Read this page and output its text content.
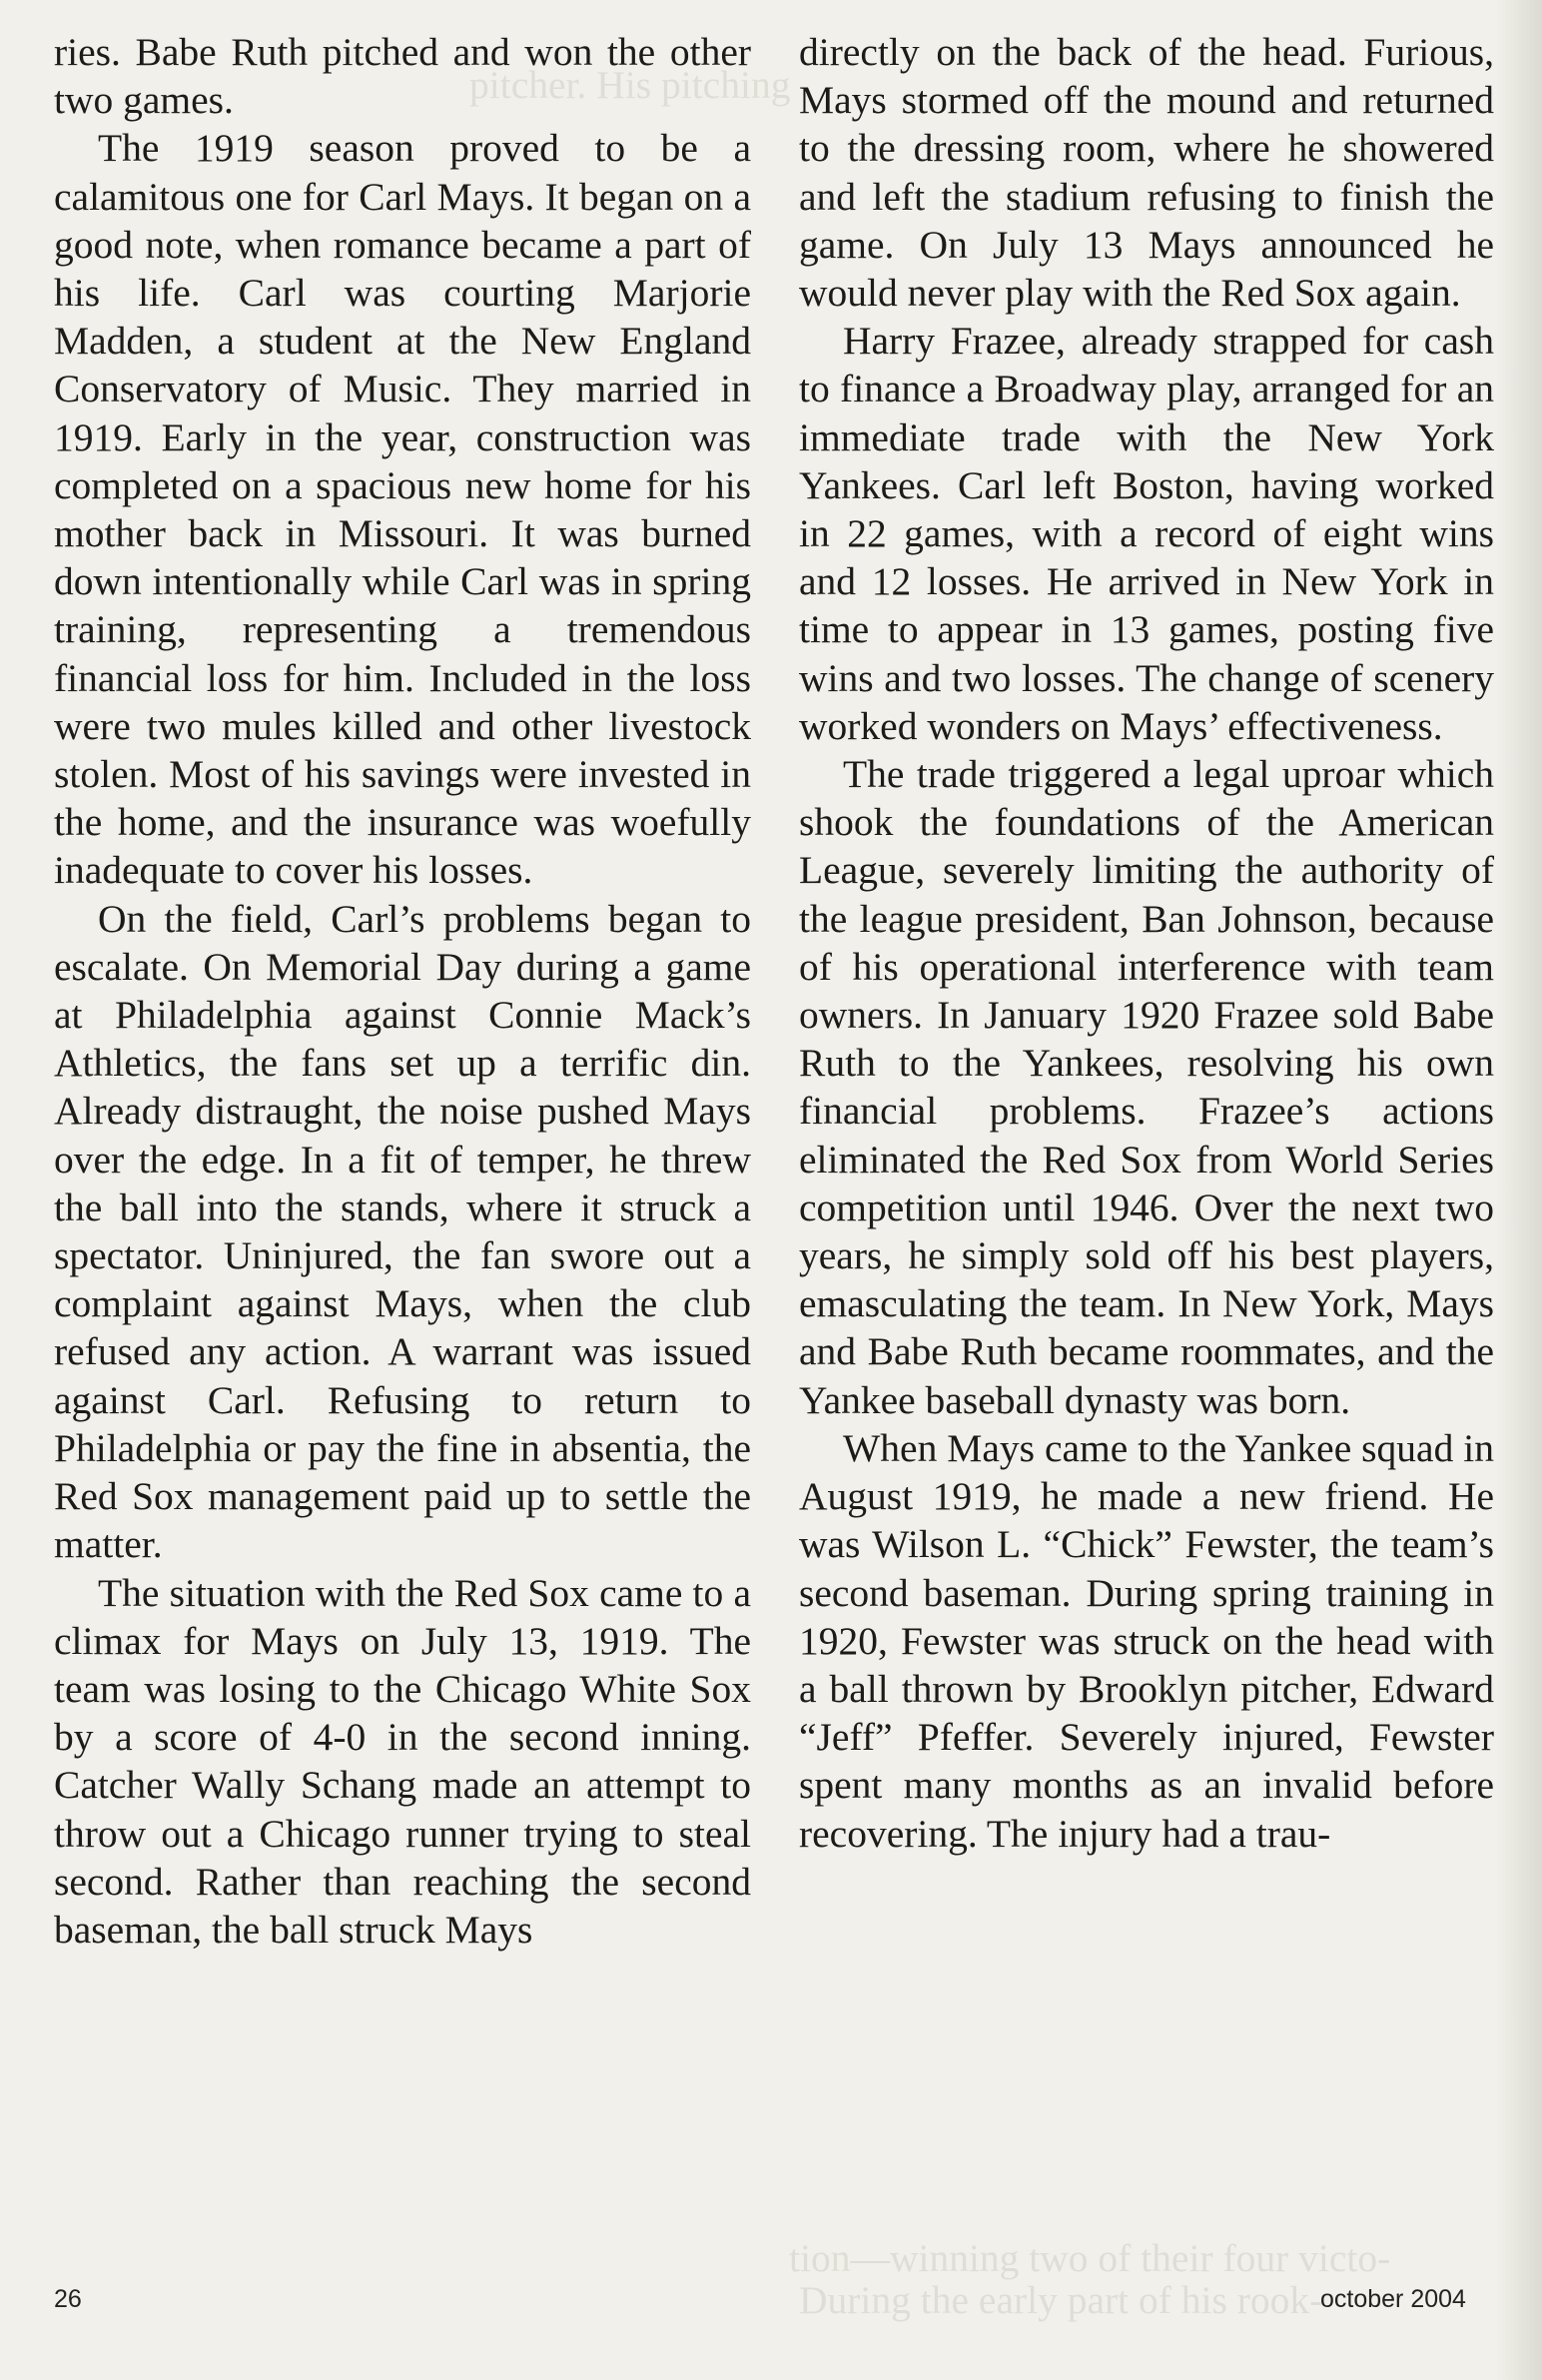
pitcher. His pitching
tion—winning two of their four victo-
During the early part of his rook-

ries. Babe Ruth pitched and won the other two games.

The 1919 season proved to be a calamitous one for Carl Mays. It began on a good note, when romance became a part of his life. Carl was courting Marjorie Madden, a student at the New England Conservatory of Music. They married in 1919. Early in the year, construction was completed on a spacious new home for his mother back in Missouri. It was burned down intentionally while Carl was in spring training, representing a tremendous financial loss for him. Included in the loss were two mules killed and other livestock stolen. Most of his savings were invested in the home, and the insurance was woefully inadequate to cover his losses.

On the field, Carl’s problems began to escalate. On Memorial Day during a game at Philadelphia against Connie Mack’s Athletics, the fans set up a terrific din. Already distraught, the noise pushed Mays over the edge. In a fit of temper, he threw the ball into the stands, where it struck a spectator. Uninjured, the fan swore out a complaint against Mays, when the club refused any action. A warrant was issued against Carl. Refusing to return to Philadelphia or pay the fine in absentia, the Red Sox management paid up to settle the matter.

The situation with the Red Sox came to a climax for Mays on July 13, 1919. The team was losing to the Chicago White Sox by a score of 4-0 in the second inning. Catcher Wally Schang made an attempt to throw out a Chicago runner trying to steal second. Rather than reaching the second baseman, the ball struck Mays

directly on the back of the head. Furious, Mays stormed off the mound and returned to the dressing room, where he showered and left the stadium refusing to finish the game. On July 13 Mays announced he would never play with the Red Sox again.

Harry Frazee, already strapped for cash to finance a Broadway play, arranged for an immediate trade with the New York Yankees. Carl left Boston, having worked in 22 games, with a record of eight wins and 12 losses. He arrived in New York in time to appear in 13 games, posting five wins and two losses. The change of scenery worked wonders on Mays’ effectiveness.

The trade triggered a legal uproar which shook the foundations of the American League, severely limiting the authority of the league president, Ban Johnson, because of his operational interference with team owners. In January 1920 Frazee sold Babe Ruth to the Yankees, resolving his own financial problems. Frazee’s actions eliminated the Red Sox from World Series competition until 1946. Over the next two years, he simply sold off his best players, emasculating the team. In New York, Mays and Babe Ruth became roommates, and the Yankee baseball dynasty was born.

When Mays came to the Yankee squad in August 1919, he made a new friend. He was Wilson L. “Chick” Fewster, the team’s second baseman. During spring training in 1920, Fewster was struck on the head with a ball thrown by Brooklyn pitcher, Edward “Jeff” Pfeffer. Severely injured, Fewster spent many months as an invalid before recovering. The injury had a trau-

26	october 2004
